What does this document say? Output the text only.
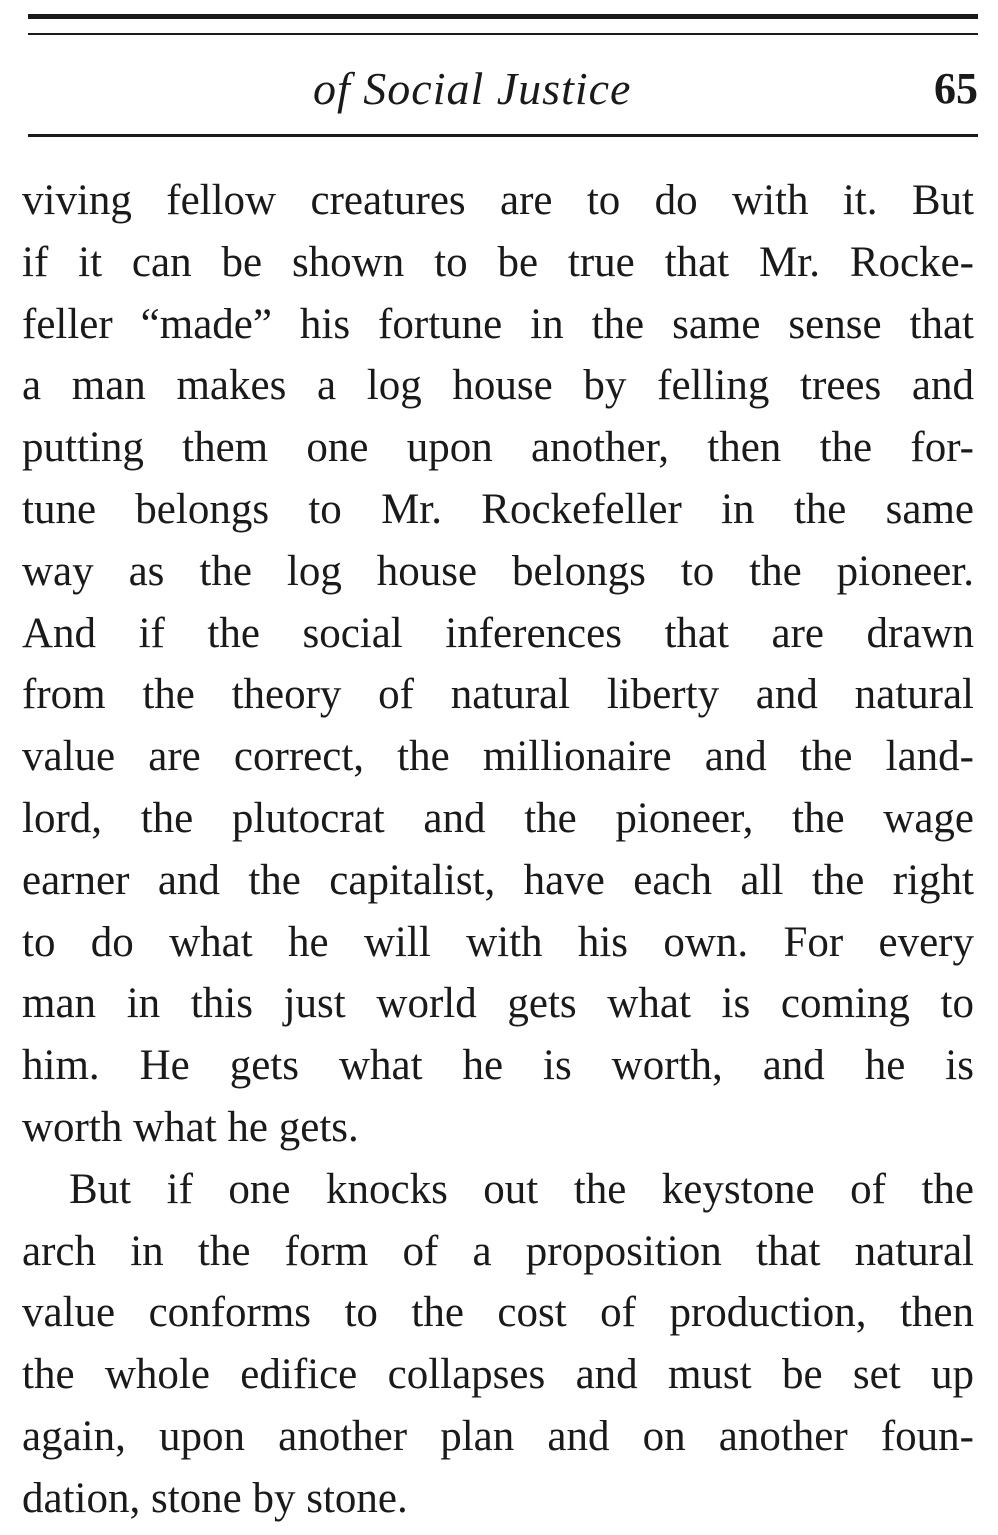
of Social Justice	65
viving fellow creatures are to do with it. But
if it can be shown to be true that Mr. Rocke-
feller “made” his fortune in the same sense that
a man makes a log house by felling trees and
putting them one upon another, then the for-
tune belongs to Mr. Rockefeller in the same
way as the log house belongs to the pioneer.
And if the social inferences that are drawn
from the theory of natural liberty and natural
value are correct, the millionaire and the land-
lord, the plutocrat and the pioneer, the wage
earner and the capitalist, have each all the right
to do what he will with his own. For every
man in this just world gets what is coming to
him. He gets what he is worth, and he is
worth what he gets.
But if one knocks out the keystone of the
arch in the form of a proposition that natural
value conforms to the cost of production, then
the whole edifice collapses and must be set up
again, upon another plan and on another foun-
dation, stone by stone.
